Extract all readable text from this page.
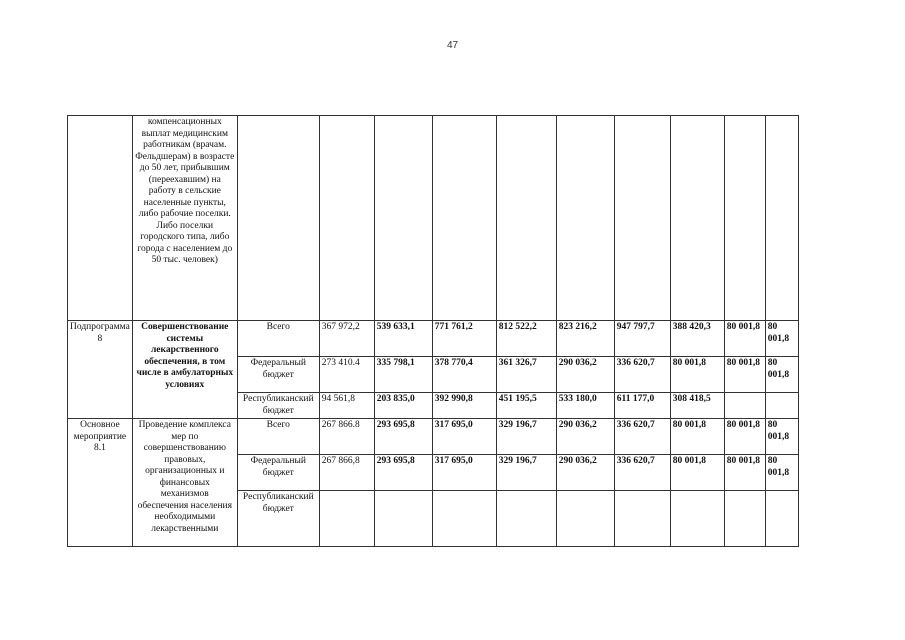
47
	компенсационных выплат медицинским работникам (врачам. Фельдшерам) в возрасте до 50 лет, прибывшим (переехавшим) на работу в сельские населенные пункты, либо рабочие поселки. Либо поселки городского типа, либо города с населением до 50 тыс. человек)										
Подпрограмма 8	Совершенствование системы лекарственного обеспечения, в том числе в амбулаторных условиях	Всего	367 972,2	539 633,1	771 761,2	812 522,2	823 216,2	947 797,7	388 420,3	80 001,8	80 001,8
		Федеральный бюджет	273 410.4	335 798,1	378 770,4	361 326,7	290 036,2	336 620,7	80 001,8	80 001,8	80 001,8
		Республиканский бюджет	94 561,8	203 835,0	392 990,8	451 195,5	533 180,0	611 177,0	308 418,5		
Основное мероприятие 8.1	Проведение комплекса мер по совершенствованию правовых, организационных и финансовых механизмов обеспечения населения необходимыми лекарственными	Всего	267 866.8	293 695,8	317 695,0	329 196,7	290 036,2	336 620,7	80 001,8	80 001,8	80 001,8
		Федеральный бюджет	267 866,8	293 695,8	317 695,0	329 196,7	290 036,2	336 620,7	80 001,8	80 001,8	80 001,8
		Республиканский бюджет									
